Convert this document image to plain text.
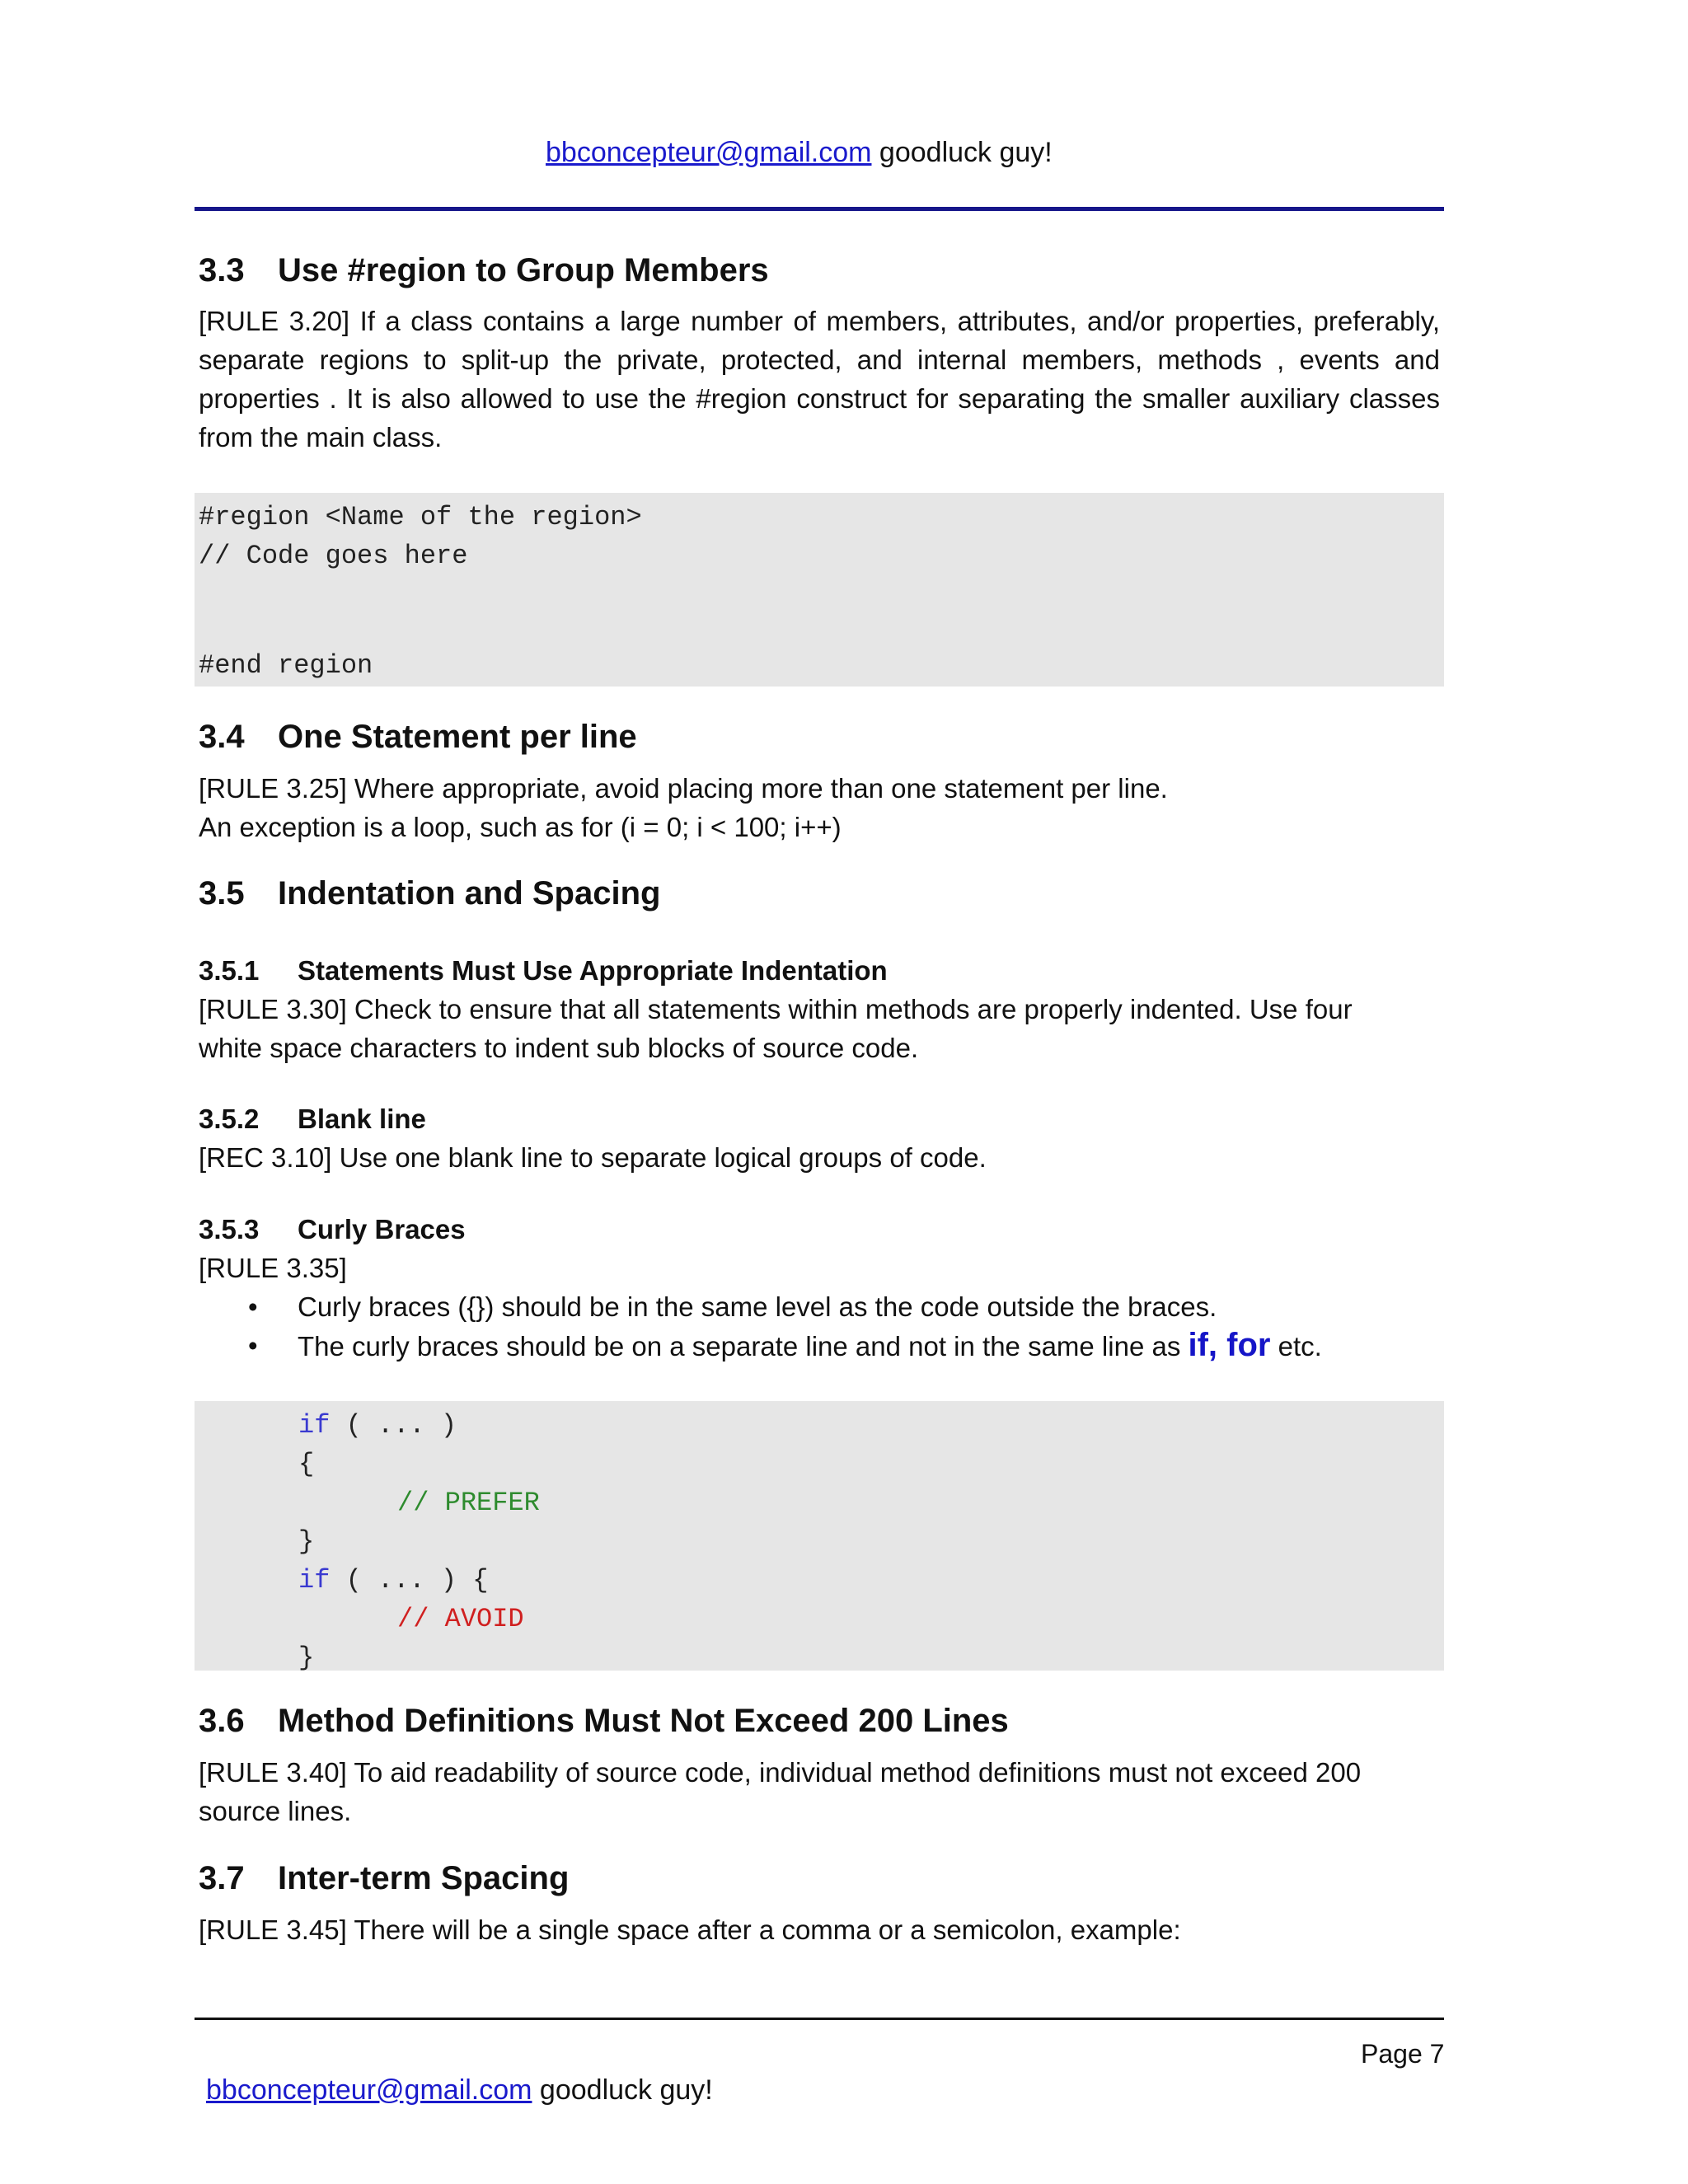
bbconcepteur@gmail.com goodluck guy!
3.3 Use #region to Group Members
[RULE 3.20] If a class contains a large number of members, attributes, and/or properties, preferably, separate regions to split-up the private, protected, and internal members, methods , events and properties . It is also allowed to use the #region construct for separating the smaller auxiliary classes from the main class.
#region <Name of the region>
// Code goes here
#end region
3.4 One Statement per line
[RULE 3.25] Where appropriate, avoid placing more than one statement per line.
An exception is a loop, such as for (i = 0; i < 100; i++)
3.5 Indentation and Spacing
3.5.1 Statements Must Use Appropriate Indentation
[RULE 3.30] Check to ensure that all statements within methods are properly indented. Use four white space characters to indent sub blocks of source code.
3.5.2 Blank line
[REC 3.10] Use one blank line to separate logical groups of code.
3.5.3 Curly Braces
[RULE 3.35]
• Curly braces ({}) should be in the same level as the code outside the braces.
• The curly braces should be on a separate line and not in the same line as if, for etc.
if ( ... )
{
// PREFER
}
if ( ... ) {
// AVOID
}
3.6 Method Definitions Must Not Exceed 200 Lines
[RULE 3.40] To aid readability of source code, individual method definitions must not exceed 200 source lines.
3.7 Inter-term Spacing
[RULE 3.45] There will be a single space after a comma or a semicolon, example:
Page 7
bbconcepteur@gmail.com goodluck guy!
